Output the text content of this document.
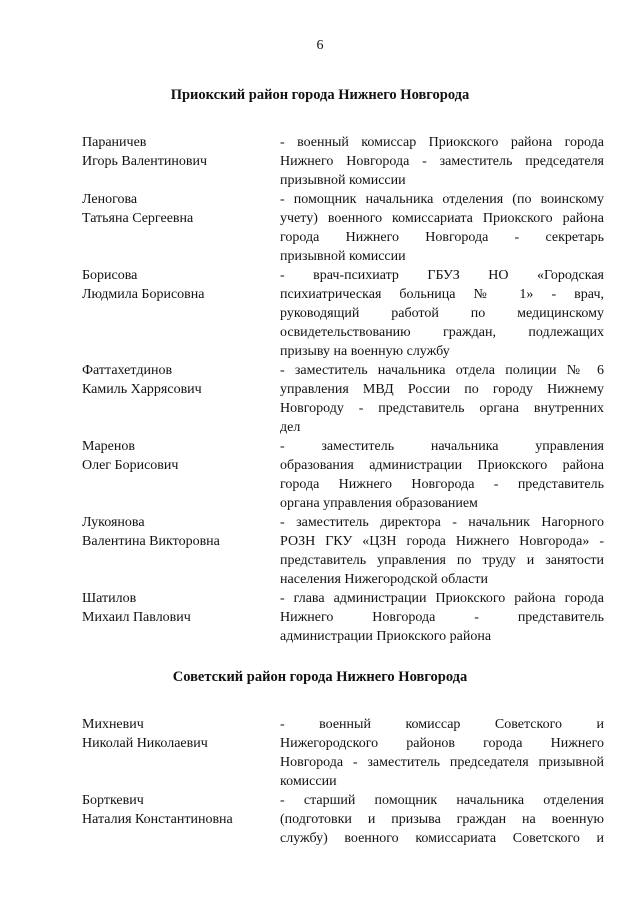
6
Приокский район города Нижнего Новгорода
Параничев
Игорь Валентинович
- военный комиссар Приокского района города
Нижнего Новгорода - заместитель председателя
призывной комиссии
Леногова
Татьяна Сергеевна
- помощник начальника отделения (по воинскому
учету) военного комиссариата Приокского района
города Нижнего Новгорода - секретарь
призывной комиссии
Борисова
Людмила Борисовна
- врач-психиатр ГБУЗ НО «Городская
психиатрическая больница № 1» - врач,
руководящий работой по медицинскому
освидетельствованию граждан, подлежащих
призыву на военную службу
Фаттахетдинов
Камиль Харрясович
- заместитель начальника отдела полиции № 6
управления МВД России по городу Нижнему
Новгороду - представитель органа внутренних
дел
Маренов
Олег Борисович
- заместитель начальника управления
образования администрации Приокского района
города Нижнего Новгорода - представитель
органа управления образованием
Лукоянова
Валентина Викторовна
- заместитель директора - начальник Нагорного
РОЗН ГКУ «ЦЗН города Нижнего Новгорода» -
представитель управления по труду и занятости
населения Нижегородской области
Шатилов
Михаил Павлович
- глава администрации Приокского района города
Нижнего Новгорода - представитель
администрации Приокского района
Советский район города Нижнего Новгорода
Михневич
Николай Николаевич
- военный комиссар Советского и
Нижегородского районов города Нижнего
Новгорода - заместитель председателя призывной
комиссии
Борткевич
Наталия Константиновна
- старший помощник начальника отделения
(подготовки и призыва граждан на военную
службу) военного комиссариата Советского и
